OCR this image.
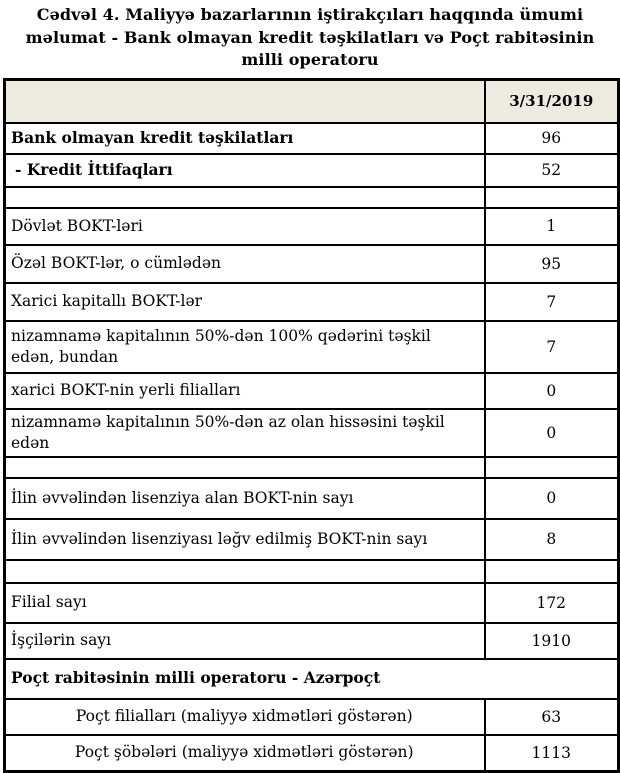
Cədvəl 4. Maliyyə bazarlarının iştirakçıları haqqında ümumi məlumat - Bank olmayan kredit təşkilatları və Poçt rabitəsinin milli operatoru
	3/31/2019
Bank olmayan kredit təşkilatları	96
- Kredit İttifaqları	52

Dövlət BOKT-ləri	1
Özəl BOKT-lər, o cümlədən	95
Xarici kapitallı BOKT-lər	7
nizamnamə kapitalının 50%-dən 100% qədərini təşkil edən, bundan	7
xarici BOKT-nin yerli filialları	0
nizamnamə kapitalının 50%-dən az olan hissəsini təşkil edən	0

İlin əvvəlindən lisenziya alan BOKT-nin sayı	0
İlin əvvəlindən lisenziyası ləğv edilmiş BOKT-nin sayı	8

Filial sayı	172
İşçilərin sayı	1910
Poçt rabitəsinin milli operatoru - Azərpoçt	
Poçt filialları (maliyyə xidmətləri göstərən)	63
Poçt şöbələri (maliyyə xidmətləri göstərən)	1113
